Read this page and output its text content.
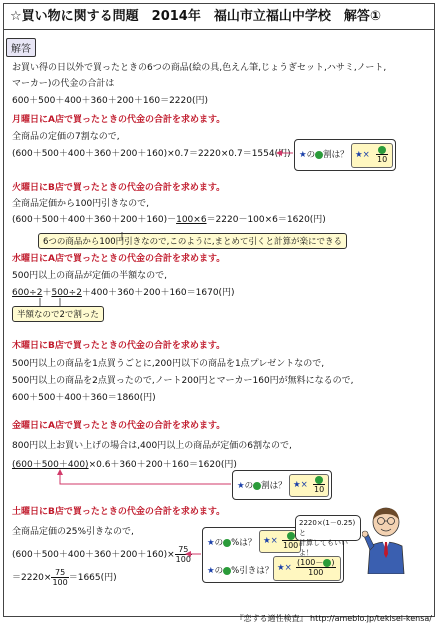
☆買い物に関する問題　2014年　福山市立福山中学校　解答①
解答
お買い得の日以外で買ったときの6つの商品(絵の具,色えん筆,じょうぎセット,ハサミ,ノート,
マーカー)の代金の合計は
600＋500＋400＋360＋200＋160＝2220(円)
月曜日にA店で買ったときの代金の合計を求めます。
全商品の定価の7割なので,
(600＋500＋400＋360＋200＋160)×0.7＝2220×0.7＝1554(円) ★の 割は？ ★× 10
火曜日にB店で買ったときの代金の合計を求めます。
全商品定価から100円引きなので,
(600＋500＋400＋360＋200＋160)－100×6＝2220－100×6＝1620(円)
6つの商品から100円引きなので,このように,まとめて引くと計算が楽にできる
水曜日にA店で買ったときの代金の合計を求めます。
500円以上の商品が定価の半額なので,
600÷2＋500÷2＋400＋360＋200＋160＝1670(円)
半額なので2で割った
木曜日にB店で買ったときの代金の合計を求めます。
500円以上の商品を1点買うごとに,200円以下の商品を1点プレゼントなので,
500円以上の商品を2点買ったので,ノート200円とマーカー160円が無料になるので,
600＋500＋400＋360＝1860(円)
金曜日にA店で買ったときの代金の合計を求めます。
800円以上お買い上げの場合は,400円以上の商品が定価の6割なので,
(600＋500＋400)×0.6＋360＋200＋160＝1620(円)
★の 割は？ ★× 10
土曜日にB店で買ったときの代金の合計を求めます。
全商品定価の25%引きなので,
$(600+500+400+360+200+160)\times \frac{75}{100}$
$=2220\times \frac{75}{100} =1665$(円)
★の %は？ ★× 100
★の %引きは？ ★× $\frac{(100- )}{100}$
2220×(1－0.25) と
計算してもいいよ！
『恋する適性検査』 http://ameblo.jp/tekisei-kensa/
